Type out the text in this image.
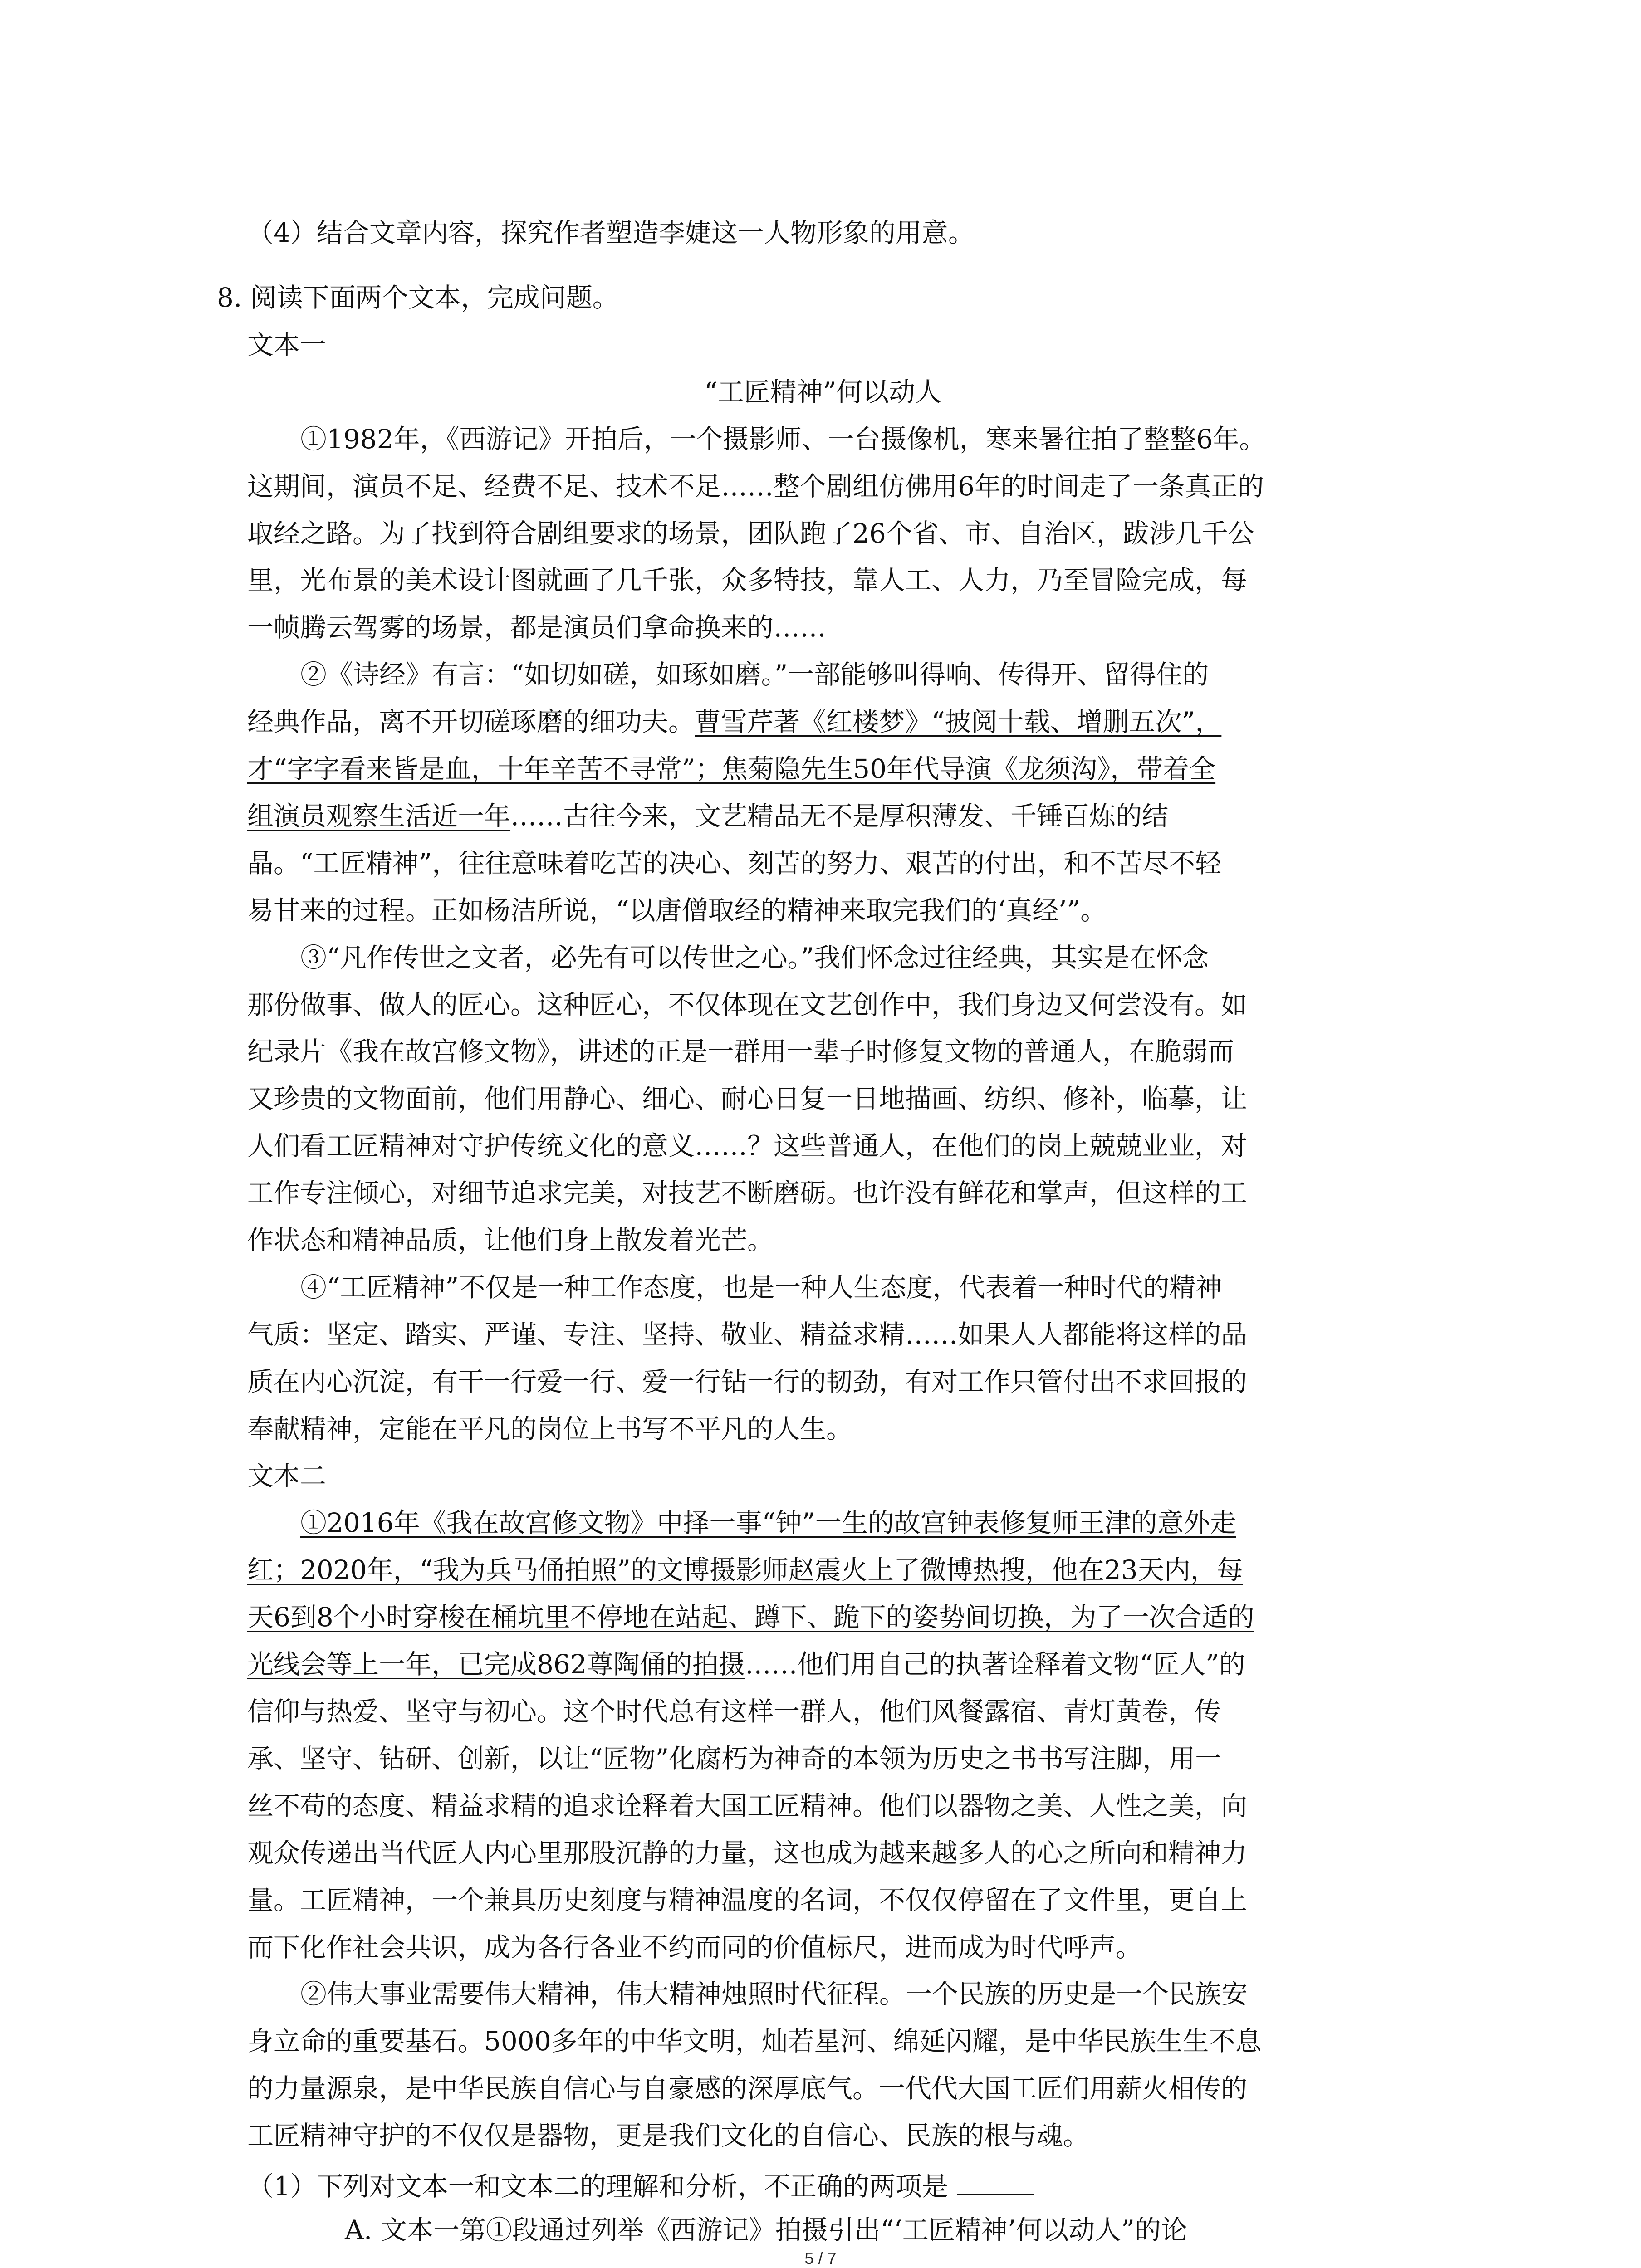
（4）结合文章内容，探究作者塑造李婕这一人物形象的用意。
8. 阅读下面两个文本，完成问题。
文本一
“工匠精神”何以动人
①1982年，《西游记》开拍后，一个摄影师、一台摄像机，寒来暑往拍了整整6年。
这期间，演员不足、经费不足、技术不足……整个剧组仿佛用6年的时间走了一条真正的
取经之路。为了找到符合剧组要求的场景，团队跑了26个省、市、自治区，跋涉几千公
里，光布景的美术设计图就画了几千张，众多特技，靠人工、人力，乃至冒险完成，每
一帧腾云驾雾的场景，都是演员们拿命换来的……
②《诗经》有言：“如切如磋，如琢如磨。”一部能够叫得响、传得开、留得住的
经典作品，离不开切磋琢磨的细功夫。曹雪芹著《红楼梦》“披阅十载、增删五次”，
才“字字看来皆是血，十年辛苦不寻常”；焦菊隐先生50年代导演《龙须沟》，带着全
组演员观察生活近一年……古往今来，文艺精品无不是厚积薄发、千锤百炼的结
晶。“工匠精神”，往往意味着吃苦的决心、刻苦的努力、艰苦的付出，和不苦尽不轻
易甘来的过程。正如杨洁所说，“以唐僧取经的精神来取完我们的‘真经’”。
③“凡作传世之文者，必先有可以传世之心。”我们怀念过往经典，其实是在怀念
那份做事、做人的匠心。这种匠心，不仅体现在文艺创作中，我们身边又何尝没有。如
纪录片《我在故宫修文物》，讲述的正是一群用一辈子时修复文物的普通人，在脆弱而
又珍贵的文物面前，他们用静心、细心、耐心日复一日地描画、纺织、修补，临摹，让
人们看工匠精神对守护传统文化的意义……？这些普通人，在他们的岗上兢兢业业，对
工作专注倾心，对细节追求完美，对技艺不断磨砺。也许没有鲜花和掌声，但这样的工
作状态和精神品质，让他们身上散发着光芒。
④“工匠精神”不仅是一种工作态度，也是一种人生态度，代表着一种时代的精神
气质：坚定、踏实、严谨、专注、坚持、敬业、精益求精……如果人人都能将这样的品
质在内心沉淀，有干一行爱一行、爱一行钻一行的韧劲，有对工作只管付出不求回报的
奉献精神，定能在平凡的岗位上书写不平凡的人生。
文本二
①2016年《我在故宫修文物》中择一事“钟”一生的故宫钟表修复师王津的意外走
红；2020年，“我为兵马俑拍照”的文博摄影师赵震火上了微博热搜，他在23天内，每
天6到8个小时穿梭在桶坑里不停地在站起、蹲下、跪下的姿势间切换，为了一次合适的
光线会等上一年，已完成862尊陶俑的拍摄……他们用自己的执著诠释着文物“匠人”的
信仰与热爱、坚守与初心。这个时代总有这样一群人，他们风餐露宿、青灯黄卷，传
承、坚守、钻研、创新，以让“匠物”化腐朽为神奇的本领为历史之书书写注脚，用一
丝不苟的态度、精益求精的追求诠释着大国工匠精神。他们以器物之美、人性之美，向
观众传递出当代匠人内心里那股沉静的力量，这也成为越来越多人的心之所向和精神力
量。工匠精神，一个兼具历史刻度与精神温度的名词，不仅仅停留在了文件里，更自上
而下化作社会共识，成为各行各业不约而同的价值标尺，进而成为时代呼声。
②伟大事业需要伟大精神，伟大精神烛照时代征程。一个民族的历史是一个民族安
身立命的重要基石。5000多年的中华文明，灿若星河、绵延闪耀，是中华民族生生不息
的力量源泉，是中华民族自信心与自豪感的深厚底气。一代代大国工匠们用薪火相传的
工匠精神守护的不仅仅是器物，更是我们文化的自信心、民族的根与魂。
5 / 7
（1）下列对文本一和文本二的理解和分析，不正确的两项是
A. 文本一第①段通过列举《西游记》拍摄引出“‘工匠精神’何以动人”的论
